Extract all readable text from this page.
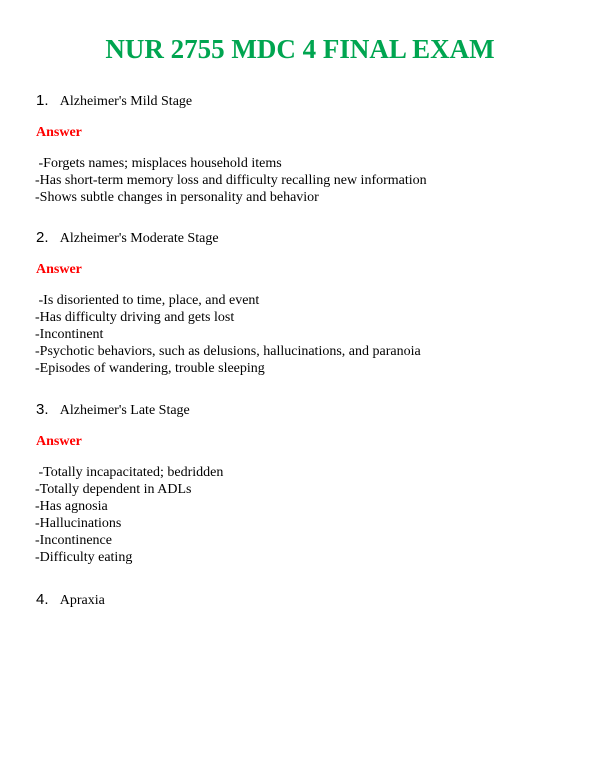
NUR 2755 MDC 4 FINAL EXAM
1. Alzheimer's Mild Stage
Answer
-Forgets names; misplaces household items
-Has short-term memory loss and difficulty recalling new information
-Shows subtle changes in personality and behavior
2. Alzheimer's Moderate Stage
Answer
-Is disoriented to time, place, and event
-Has difficulty driving and gets lost
-Incontinent
-Psychotic behaviors, such as delusions, hallucinations, and paranoia
-Episodes of wandering, trouble sleeping
3. Alzheimer's Late Stage
Answer
-Totally incapacitated; bedridden
-Totally dependent in ADLs
-Has agnosia
-Hallucinations
-Incontinence
-Difficulty eating
4. Apraxia
